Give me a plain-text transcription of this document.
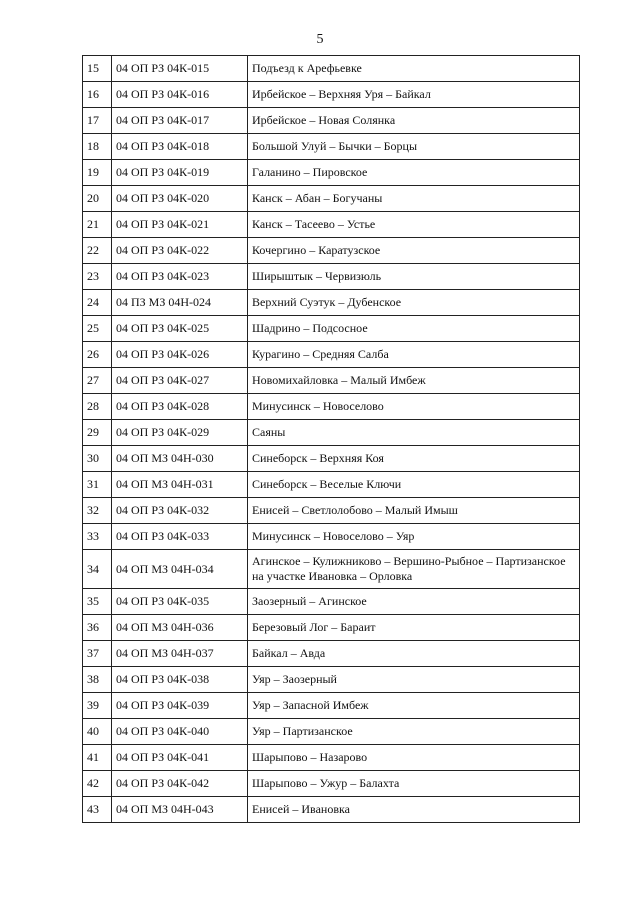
5
15	04 ОП РЗ 04К-015	Подъезд к Арефьевке
16	04 ОП РЗ 04К-016	Ирбейское – Верхняя Уря – Байкал
17	04 ОП РЗ 04К-017	Ирбейское – Новая Солянка
18	04 ОП РЗ 04К-018	Большой Улуй – Бычки – Борцы
19	04 ОП РЗ 04К-019	Галанино – Пировское
20	04 ОП РЗ 04К-020	Канск – Абан – Богучаны
21	04 ОП РЗ 04К-021	Канск – Тасеево – Устье
22	04 ОП РЗ 04К-022	Кочергино – Каратузское
23	04 ОП РЗ 04К-023	Ширыштык – Червизюль
24	04 ПЗ МЗ 04Н-024	Верхний Суэтук – Дубенское
25	04 ОП РЗ 04К-025	Шадрино – Подсосное
26	04 ОП РЗ 04К-026	Курагино – Средняя Салба
27	04 ОП РЗ 04К-027	Новомихайловка – Малый Имбеж
28	04 ОП РЗ 04К-028	Минусинск – Новоселово
29	04 ОП РЗ 04К-029	Саяны
30	04 ОП МЗ 04Н-030	Синеборск – Верхняя Коя
31	04 ОП МЗ 04Н-031	Синеборск – Веселые Ключи
32	04 ОП РЗ 04К-032	Енисей – Светлолобово – Малый Имыш
33	04 ОП РЗ 04К-033	Минусинск – Новоселово – Уяр
34	04 ОП МЗ 04Н-034	Агинское – Кулижниково – Вершино-Рыбное – Партизанское на участке Ивановка – Орловка
35	04 ОП РЗ 04К-035	Заозерный – Агинское
36	04 ОП МЗ 04Н-036	Березовый Лог – Бараит
37	04 ОП МЗ 04Н-037	Байкал – Авда
38	04 ОП РЗ 04К-038	Уяр – Заозерный
39	04 ОП РЗ 04К-039	Уяр – Запасной Имбеж
40	04 ОП РЗ 04К-040	Уяр – Партизанское
41	04 ОП РЗ 04К-041	Шарыпово – Назарово
42	04 ОП РЗ 04К-042	Шарыпово – Ужур – Балахта
43	04 ОП МЗ 04Н-043	Енисей – Ивановка
